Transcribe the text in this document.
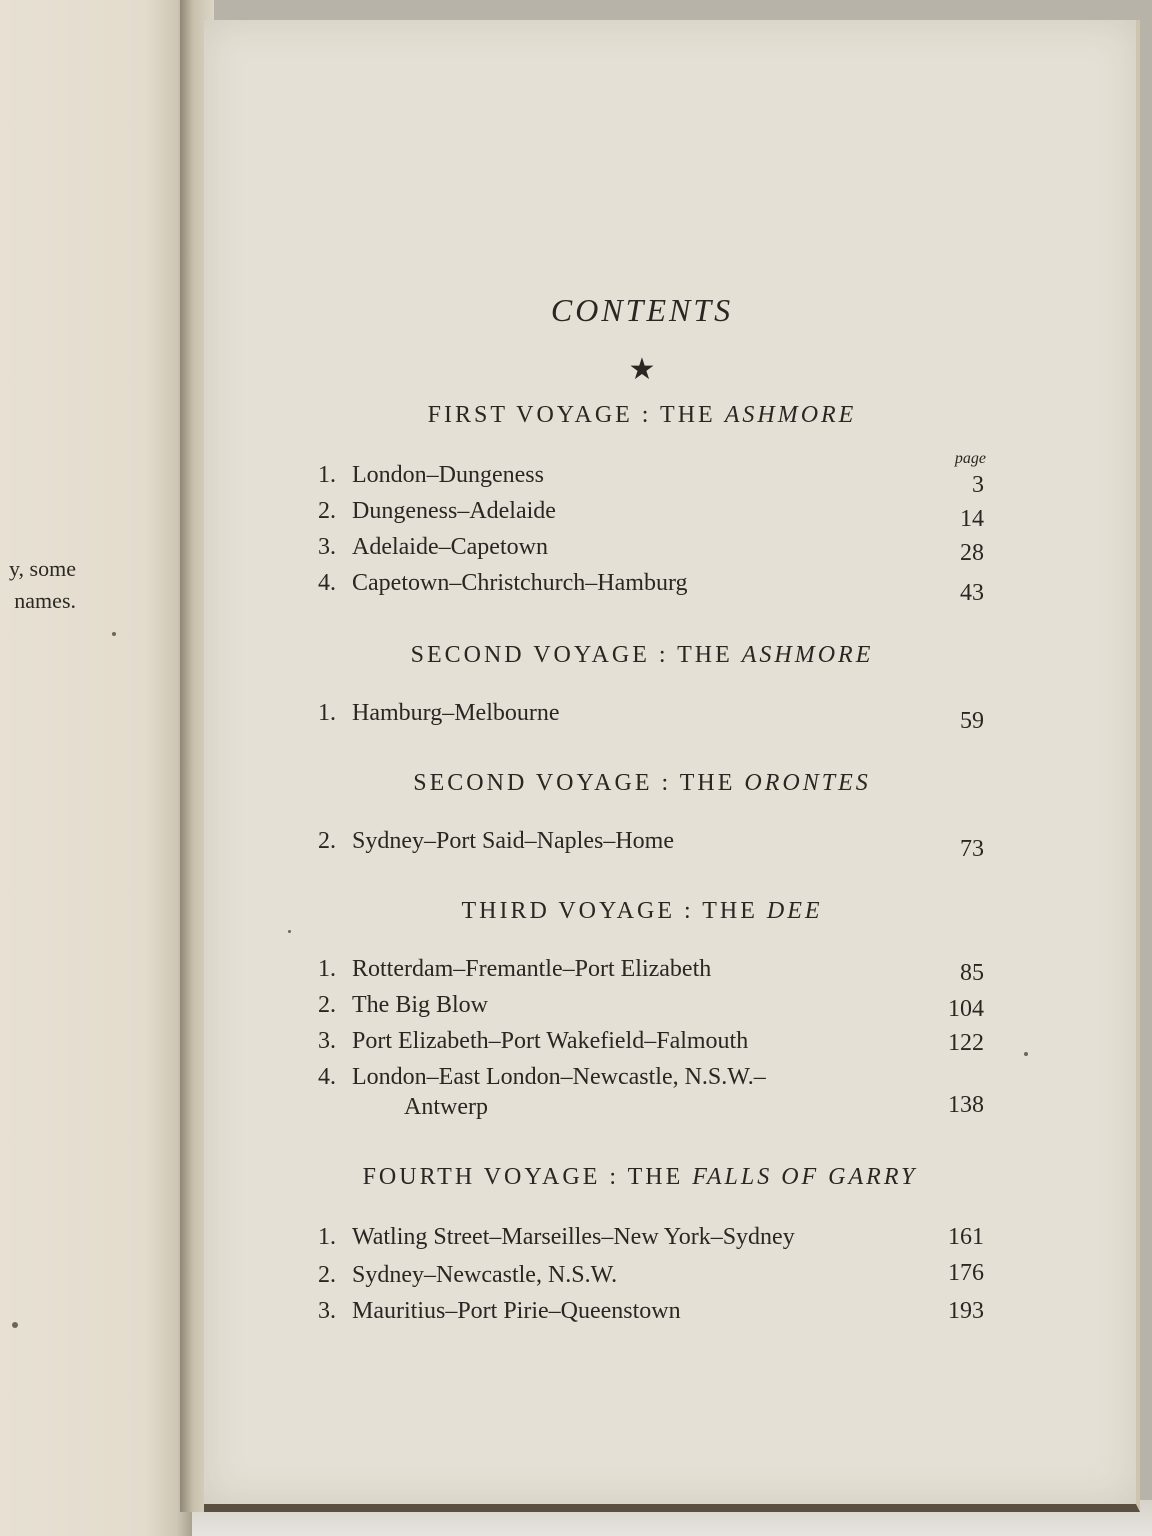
y, some
names.
CONTENTS
★
page
FIRST VOYAGE : THE ASHMORE
1. London–Dungeness	3
2. Dungeness–Adelaide	14
3. Adelaide–Capetown	28
4. Capetown–Christchurch–Hamburg	43
SECOND VOYAGE : THE ASHMORE
1. Hamburg–Melbourne	59
SECOND VOYAGE : THE ORONTES
2. Sydney–Port Said–Naples–Home	73
THIRD VOYAGE : THE DEE
1. Rotterdam–Fremantle–Port Elizabeth	85
2. The Big Blow	104
3. Port Elizabeth–Port Wakefield–Falmouth	122
4. London–East London–Newcastle, N.S.W.–
Antwerp	138
FOURTH VOYAGE : THE FALLS OF GARRY
1. Watling Street–Marseilles–New York–Sydney	161
2. Sydney–Newcastle, N.S.W.	176
3. Mauritius–Port Pirie–Queenstown	193
